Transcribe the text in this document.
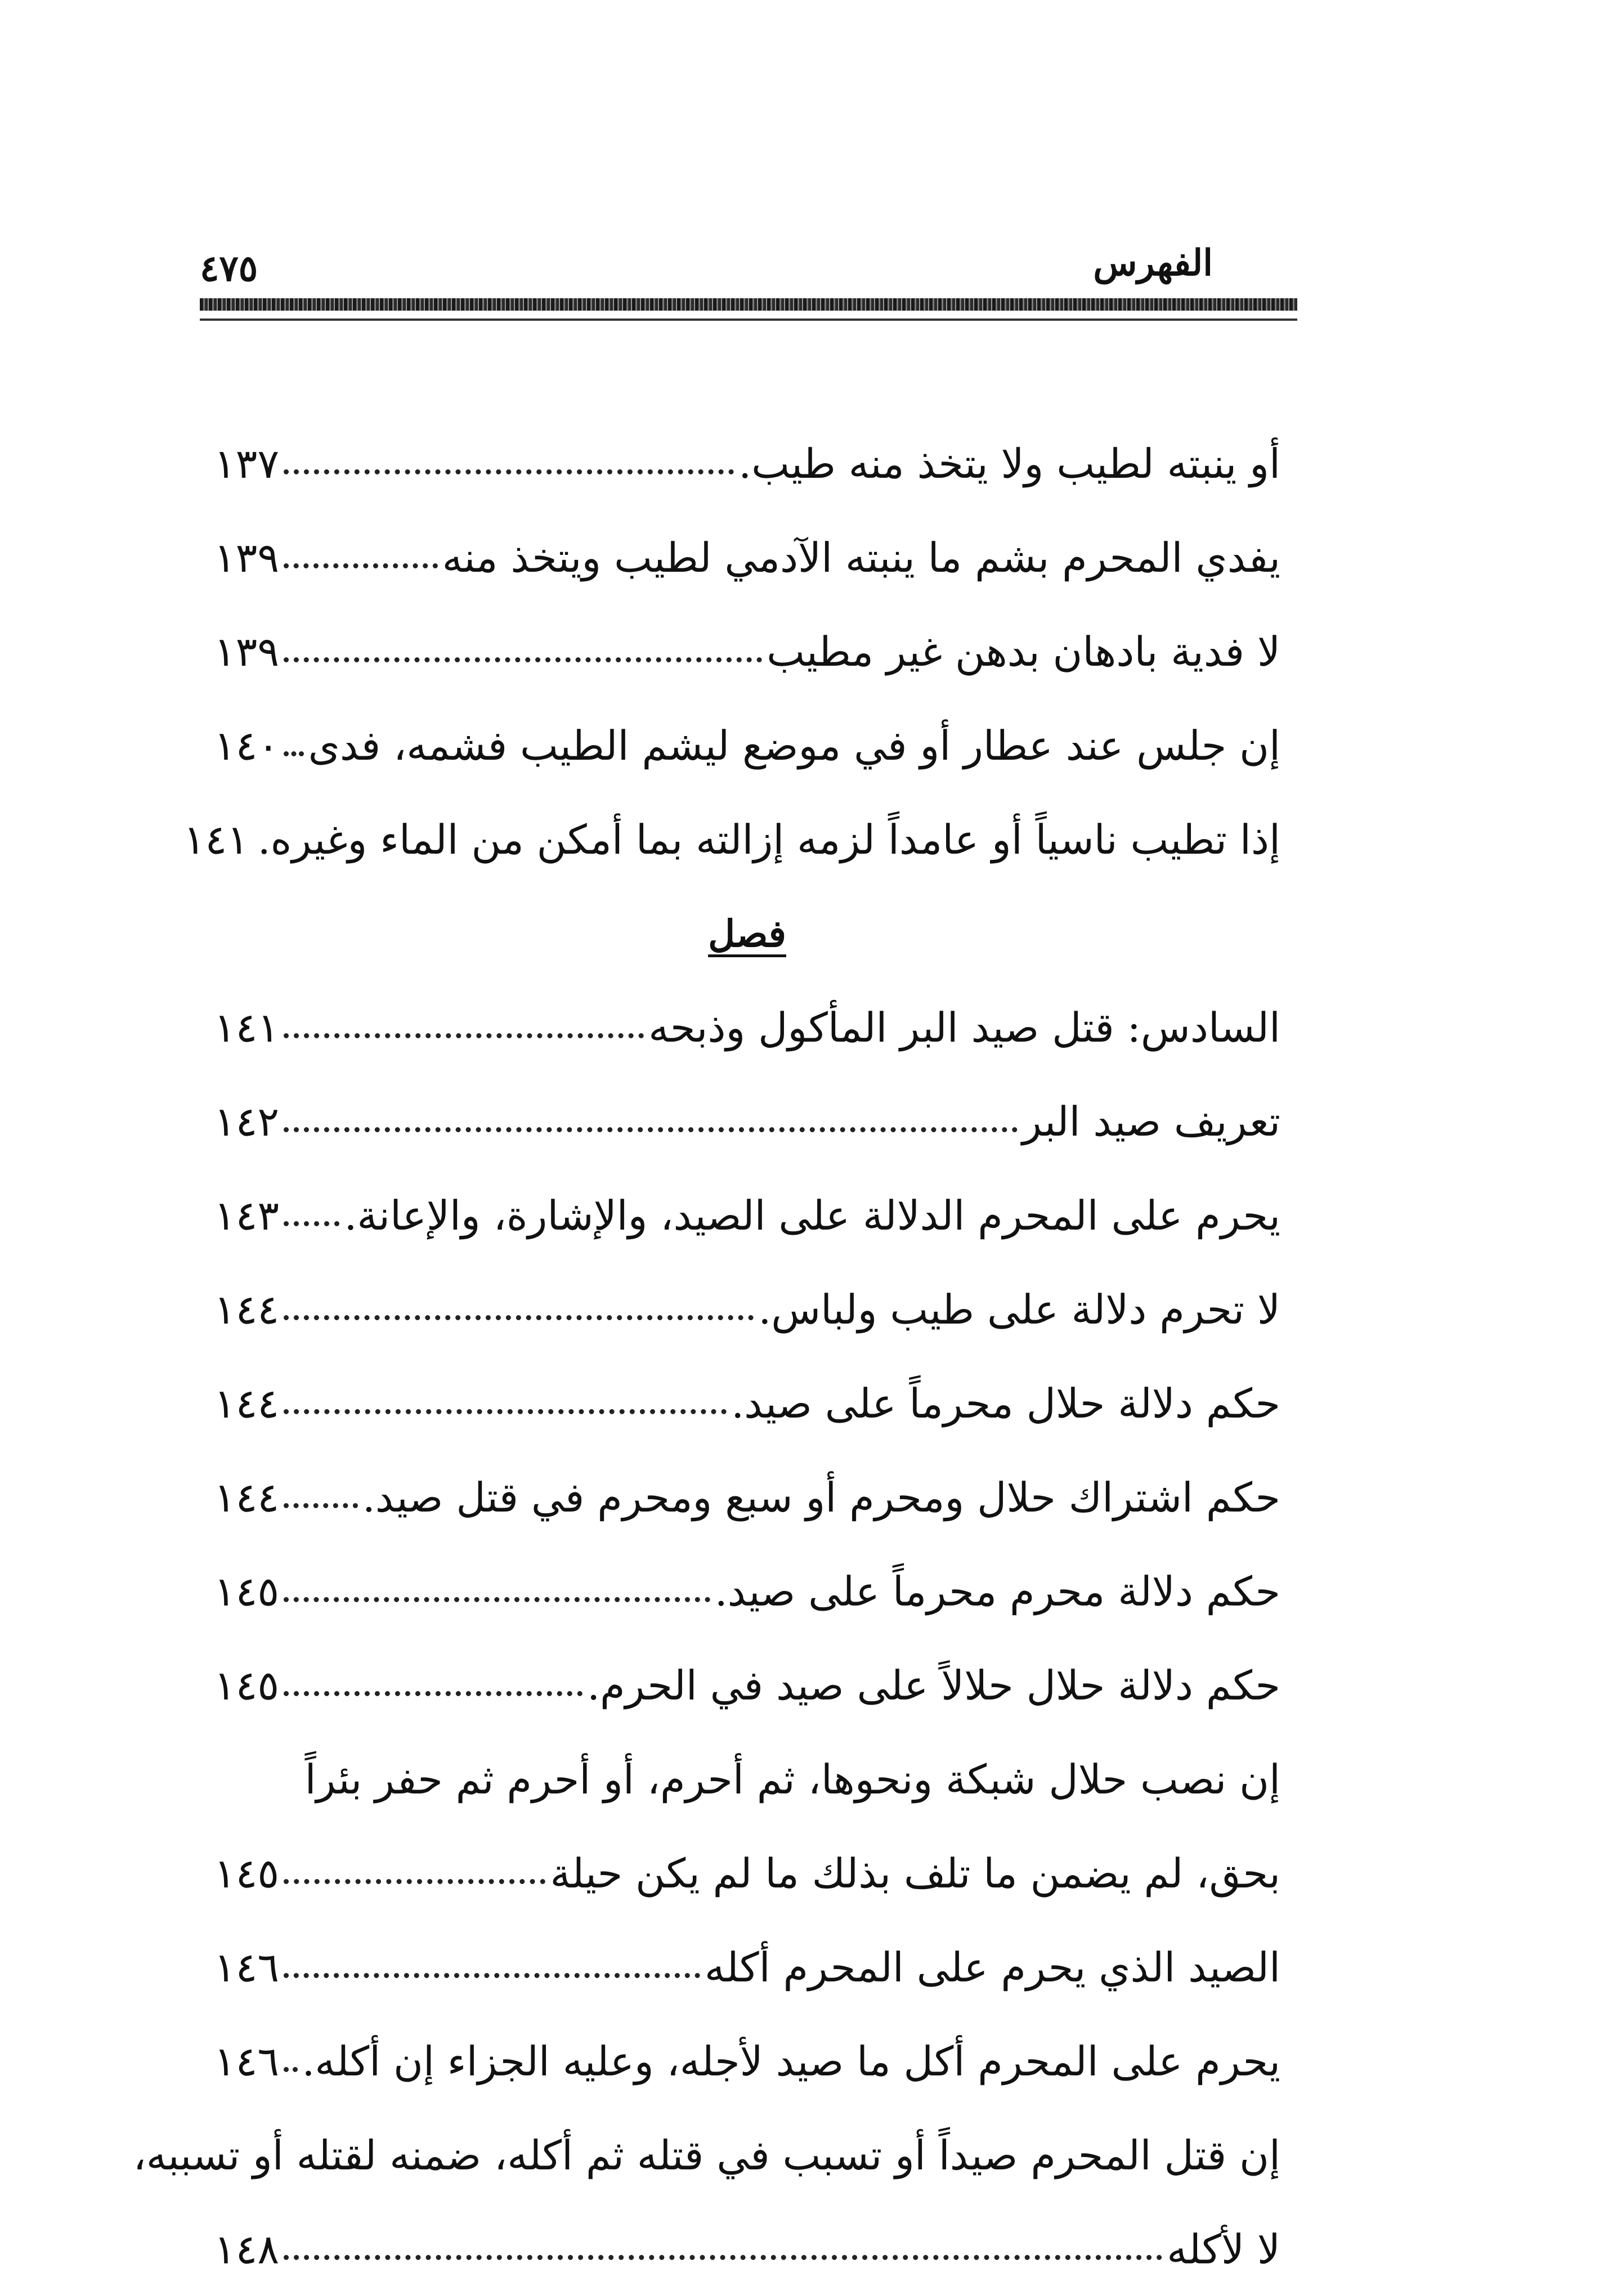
الفهرس
٤٧٥
أو ينبته لطيب ولا يتخذ منه طيب.
١٣٧
يفدي المحرم بشم ما ينبته الآدمي لطيب ويتخذ منه
١٣٩
لا فدية بادهان بدهن غير مطيب
١٣٩
إن جلس عند عطار أو في موضع ليشم الطيب فشمه، فدى
١٤٠
إذا تطيب ناسياً أو عامداً لزمه إزالته بما أمكن من الماء وغيره.
١٤١
فصل
السادس: قتل صيد البر المأكول وذبحه
١٤١
تعريف صيد البر
١٤٢
يحرم على المحرم الدلالة على الصيد، والإشارة، والإعانة.
١٤٣
لا تحرم دلالة على طيب ولباس.
١٤٤
حكم دلالة حلال محرماً على صيد.
١٤٤
حكم اشتراك حلال ومحرم أو سبع ومحرم في قتل صيد.
١٤٤
حكم دلالة محرم محرماً على صيد.
١٤٥
حكم دلالة حلال حلالاً على صيد في الحرم.
١٤٥
إن نصب حلال شبكة ونحوها، ثم أحرم، أو أحرم ثم حفر بئراً
بحق، لم يضمن ما تلف بذلك ما لم يكن حيلة
١٤٥
الصيد الذي يحرم على المحرم أكله
١٤٦
يحرم على المحرم أكل ما صيد لأجله، وعليه الجزاء إن أكله.
١٤٦
إن قتل المحرم صيداً أو تسبب في قتله ثم أكله، ضمنه لقتله أو تسببه،
لا لأكله
١٤٨
